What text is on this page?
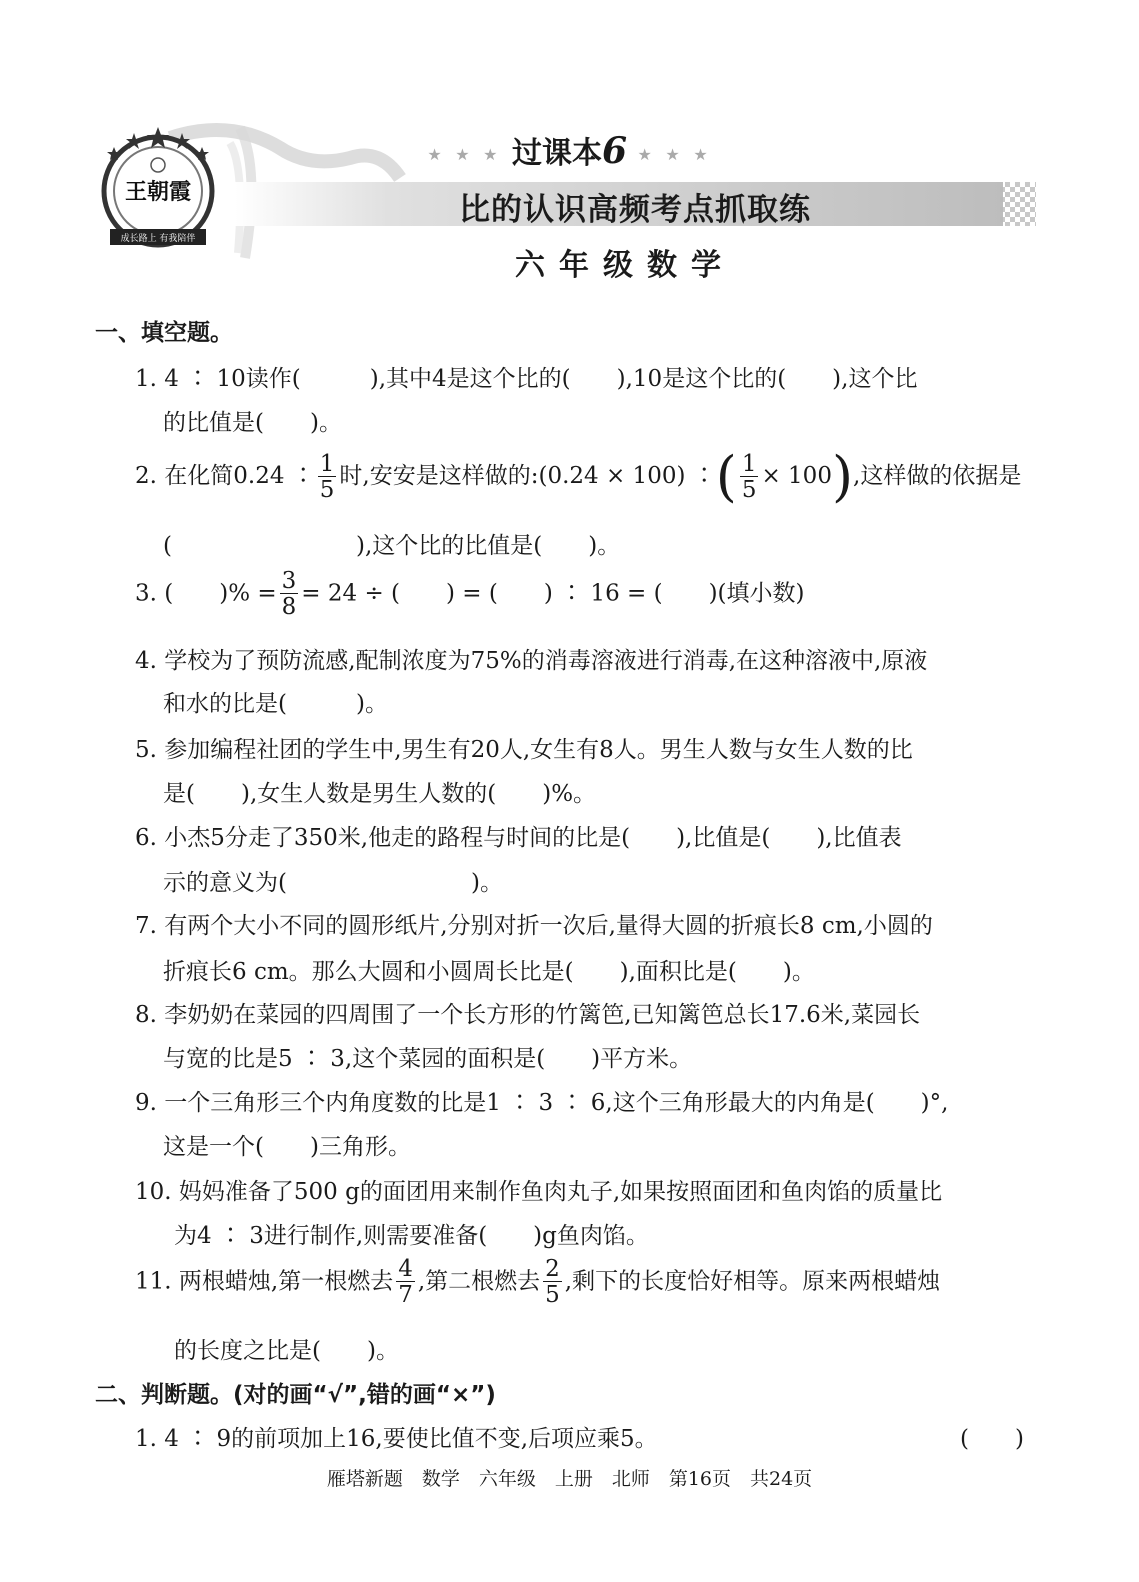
王朝霞
成长路上 有我陪伴
★ ★ ★ 过课本6 ★ ★ ★
比的认识高频考点抓取练
六年级数学
一、填空题。
1. 4 ∶ 10读作(　　　),其中4是这个比的(　　),10是这个比的(　　),这个比
的比值是(　　)。
2. 在化简0.24 ∶ $\frac{1}{5}$ 时,安安是这样做的:(0.24 × 100) ∶( $\frac{1}{5} \times 100$),这样做的依据是
(　　　　　　　　),这个比的比值是(　　)。
3. (　　)% = $\frac{3}{8} = 24$ ÷ (　　) = (　　) ∶ 16 = (　　)(填小数)
4. 学校为了预防流感,配制浓度为75%的消毒溶液进行消毒,在这种溶液中,原液
和水的比是(　　　)。
5. 参加编程社团的学生中,男生有20人,女生有8人。男生人数与女生人数的比
是(　　),女生人数是男生人数的(　　)%。
6. 小杰5分走了350米,他走的路程与时间的比是(　　),比值是(　　),比值表
示的意义为(　　　　　　　　)。
7. 有两个大小不同的圆形纸片,分别对折一次后,量得大圆的折痕长8 cm,小圆的
折痕长6 cm。那么大圆和小圆周长比是(　　),面积比是(　　)。
8. 李奶奶在菜园的四周围了一个长方形的竹篱笆,已知篱笆总长17.6米,菜园长
与宽的比是5 ∶ 3,这个菜园的面积是(　　)平方米。
9. 一个三角形三个内角度数的比是1 ∶ 3 ∶ 6,这个三角形最大的内角是(　　)°,
这是一个(　　)三角形。
10. 妈妈准备了500 g的面团用来制作鱼肉丸子,如果按照面团和鱼肉馅的质量比
为4 ∶ 3进行制作,则需要准备(　　)g鱼肉馅。
11. 两根蜡烛,第一根燃去 $\frac{4}{7}$ ,第二根燃去 $\frac{2}{5}$ ,剩下的长度恰好相等。原来两根蜡烛
的长度之比是(　　)。
二、判断题。(对的画“√”,错的画“×”)
1. 4 ∶ 9的前项加上16,要使比值不变,后项应乘5。	(　　)
雁塔新题　数学　六年级　上册　北师　第16页　共24页
